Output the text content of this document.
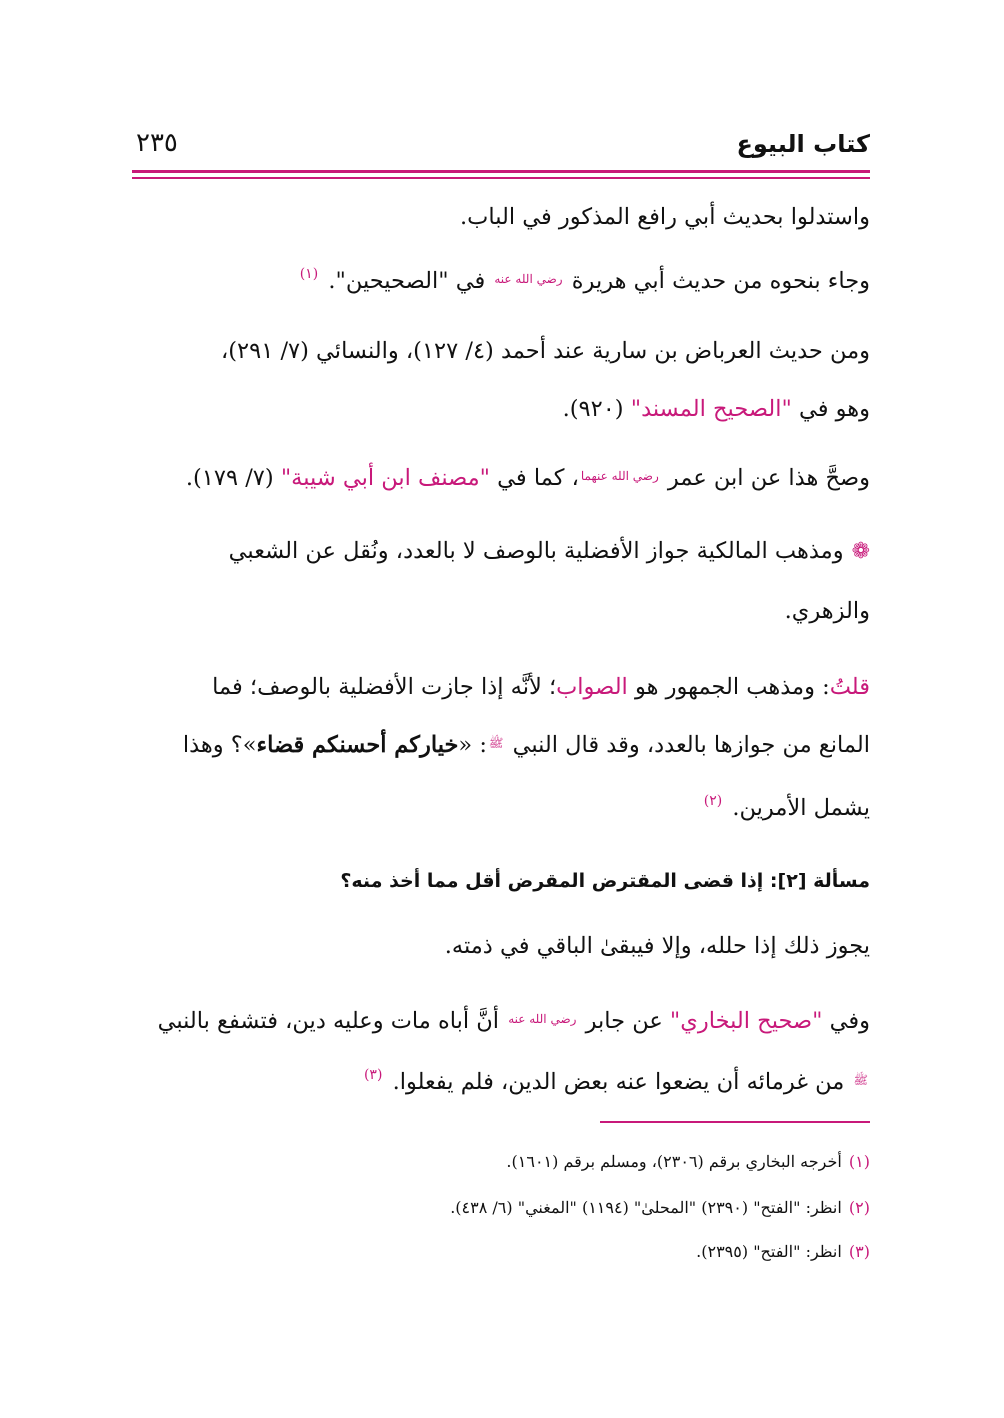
كتاب البيوع
٢٣٥
واستدلوا بحديث أبي رافع المذكور في الباب.
وجاء بنحوه من حديث أبي هريرة $^{رضي الله عنه}$ في "الصحيحين". $^{(١)}$
ومن حديث العرباض بن سارية عند أحمد (٤/ ١٢٧)، والنسائي (٧/ ٢٩١)،
وهو في "الصحيح المسند" (٩٢٠).
وصحَّ هذا عن ابن عمر $^{رضي الله عنهما}$، كما في "مصنف ابن أبي شيبة" (٧/ ١٧٩).
❁ومذهب المالكية جواز الأفضلية بالوصف لا بالعدد، ونُقل عن الشعبي
والزهري.
قلتُ: ومذهب الجمهور هو الصواب؛ لأنَّه إذا جازت الأفضلية بالوصف؛ فما
المانع من جوازها بالعدد، وقد قال النبي $^ﷺ$: «خياركم أحسنكم قضاء»؟ وهذا
يشمل الأمرين. $^{(٢)}$
مسألة [٢]: إذا قضى المقترض المقرض أقل مما أخذ منه؟
يجوز ذلك إذا حلله، وإلا فيبقىٰ الباقي في ذمته.
وفي "صحيح البخاري" عن جابر $^{رضي الله عنه}$ أنَّ أباه مات وعليه دين، فتشفع بالنبي
$^ﷺ$ من غرمائه أن يضعوا عنه بعض الدين، فلم يفعلوا. $^{(٣)}$
(١) أخرجه البخاري برقم (٢٣٠٦)، ومسلم برقم (١٦٠١).
(٢) انظر: "الفتح" (٢٣٩٠) "المحلىٰ" (١١٩٤) "المغني" (٦/ ٤٣٨).
(٣) انظر: "الفتح" (٢٣٩٥).
